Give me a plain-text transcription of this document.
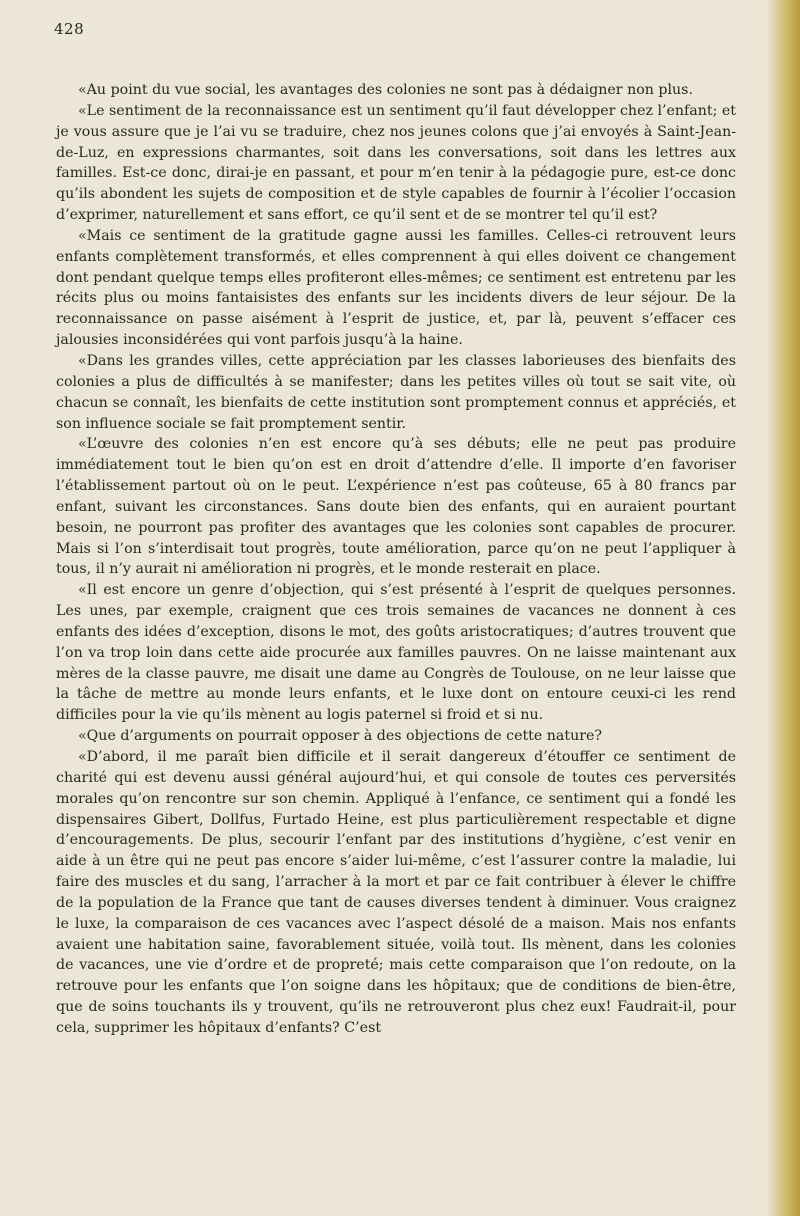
428

«Au point du vue social, les avantages des colonies ne sont pas à dédaigner non plus.

«Le sentiment de la reconnaissance est un sentiment qu’il faut développer chez l’enfant; et je vous assure que je l’ai vu se traduire, chez nos jeunes colons que j’ai envoyés à Saint-Jean-de-Luz, en expressions charmantes, soit dans les conversations, soit dans les lettres aux familles. Est-ce donc, dirai-je en passant, et pour m’en tenir à la pédagogie pure, est-ce donc qu’ils abondent les sujets de composition et de style capables de fournir à l’écolier l’occasion d’exprimer, naturellement et sans effort, ce qu’il sent et de se montrer tel qu’il est?

«Mais ce sentiment de la gratitude gagne aussi les familles. Celles-ci retrouvent leurs enfants complètement transformés, et elles comprennent à qui elles doivent ce changement dont pendant quelque temps elles profiteront elles-mêmes; ce sentiment est entretenu par les récits plus ou moins fantaisistes des enfants sur les incidents divers de leur séjour. De la reconnaissance on passe aisément à l’esprit de justice, et, par là, peuvent s’effacer ces jalousies inconsidérées qui vont parfois jusqu’à la haine.

«Dans les grandes villes, cette appréciation par les classes laborieuses des bienfaits des colonies a plus de difficultés à se manifester; dans les petites villes où tout se sait vite, où chacun se connaît, les bienfaits de cette institution sont promptement connus et appréciés, et son influence sociale se fait promptement sentir.

«L’œuvre des colonies n’en est encore qu’à ses débuts; elle ne peut pas produire immédiatement tout le bien qu’on est en droit d’attendre d’elle. Il importe d’en favoriser l’établissement partout où on le peut. L’expérience n’est pas coûteuse, 65 à 80 francs par enfant, suivant les circonstances. Sans doute bien des enfants, qui en auraient pourtant besoin, ne pourront pas profiter des avantages que les colonies sont capables de procurer. Mais si l’on s’interdisait tout progrès, toute amélioration, parce qu’on ne peut l’appliquer à tous, il n’y aurait ni amélioration ni progrès, et le monde resterait en place.

«Il est encore un genre d’objection, qui s’est présenté à l’esprit de quelques personnes. Les unes, par exemple, craignent que ces trois semaines de vacances ne donnent à ces enfants des idées d’exception, disons le mot, des goûts aristocratiques; d’autres trouvent que l’on va trop loin dans cette aide procurée aux familles pauvres. On ne laisse maintenant aux mères de la classe pauvre, me disait une dame au Congrès de Toulouse, on ne leur laisse que la tâche de mettre au monde leurs enfants, et le luxe dont on entoure ceuxi-ci les rend difficiles pour la vie qu’ils mènent au logis paternel si froid et si nu.

«Que d’arguments on pourrait opposer à des objections de cette nature?

«D’abord, il me paraît bien difficile et il serait dangereux d’étouffer ce sentiment de charité qui est devenu aussi général aujourd’hui, et qui console de toutes ces perversités morales qu’on rencontre sur son chemin. Appliqué à l’enfance, ce sentiment qui a fondé les dispensaires Gibert, Dollfus, Furtado Heine, est plus particulièrement respectable et digne d’encouragements. De plus, secourir l’enfant par des institutions d’hygiène, c’est venir en aide à un être qui ne peut pas encore s’aider lui-même, c’est l’assurer contre la maladie, lui faire des muscles et du sang, l’arracher à la mort et par ce fait contribuer à élever le chiffre de la population de la France que tant de causes diverses tendent à diminuer. Vous craignez le luxe, la comparaison de ces vacances avec l’aspect désolé de a maison. Mais nos enfants avaient une habitation saine, favorablement située, voilà tout. Ils mènent, dans les colonies de vacances, une vie d’ordre et de propreté; mais cette comparaison que l’on redoute, on la retrouve pour les enfants que l’on soigne dans les hôpitaux; que de conditions de bien-être, que de soins touchants ils y trouvent, qu’ils ne retrouveront plus chez eux! Faudrait-il, pour cela, supprimer les hôpitaux d’enfants? C’est
